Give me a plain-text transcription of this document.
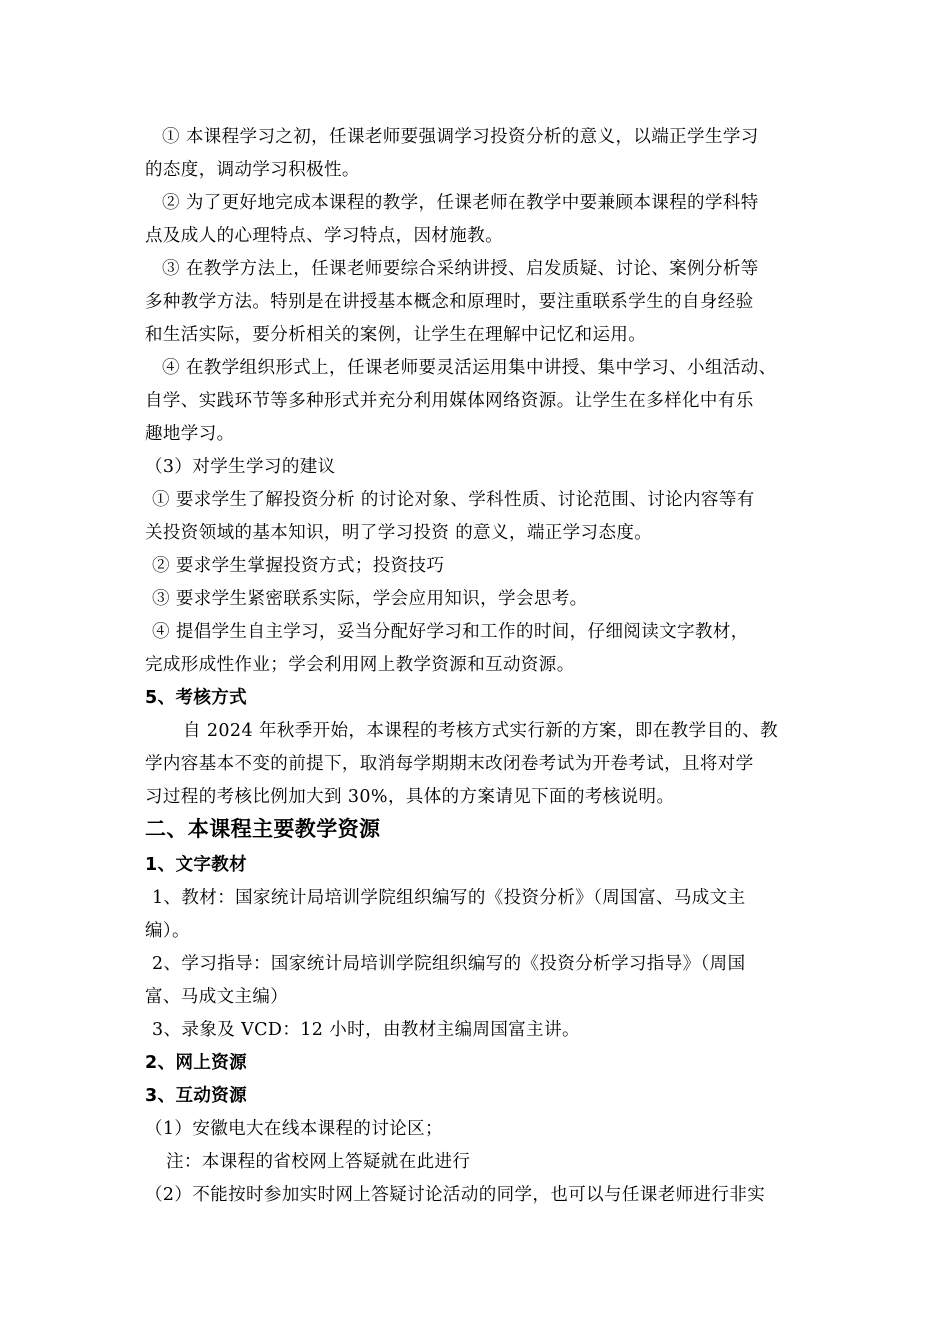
① 本课程学习之初，任课老师要强调学习投资分析的意义，以端正学生学习
的态度，调动学习积极性。
② 为了更好地完成本课程的教学，任课老师在教学中要兼顾本课程的学科特
点及成人的心理特点、学习特点，因材施教。
③ 在教学方法上，任课老师要综合采纳讲授、启发质疑、讨论、案例分析等
多种教学方法。特别是在讲授基本概念和原理时，要注重联系学生的自身经验
和生活实际，要分析相关的案例，让学生在理解中记忆和运用。
④ 在教学组织形式上，任课老师要灵活运用集中讲授、集中学习、小组活动、
自学、实践环节等多种形式并充分利用媒体网络资源。让学生在多样化中有乐
趣地学习。
（3）对学生学习的建议
① 要求学生了解投资分析 的讨论对象、学科性质、讨论范围、讨论内容等有
关投资领域的基本知识，明了学习投资 的意义，端正学习态度。
② 要求学生掌握投资方式；投资技巧
③ 要求学生紧密联系实际，学会应用知识，学会思考。
④ 提倡学生自主学习，妥当分配好学习和工作的时间，仔细阅读文字教材，
完成形成性作业；学会利用网上教学资源和互动资源。
5、考核方式
自 2024 年秋季开始，本课程的考核方式实行新的方案，即在教学目的、教
学内容基本不变的前提下，取消每学期期末改闭卷考试为开卷考试，且将对学
习过程的考核比例加大到 30%，具体的方案请见下面的考核说明。
二、本课程主要教学资源
1、文字教材
1、教材：国家统计局培训学院组织编写的《投资分析》（周国富、马成文主
编）。
2、学习指导：国家统计局培训学院组织编写的《投资分析学习指导》（周国
富、马成文主编）
3、录象及 VCD：12 小时，由教材主编周国富主讲。
2、网上资源
3、互动资源
（1）安徽电大在线本课程的讨论区；
注：本课程的省校网上答疑就在此进行
（2）不能按时参加实时网上答疑讨论活动的同学，也可以与任课老师进行非实
